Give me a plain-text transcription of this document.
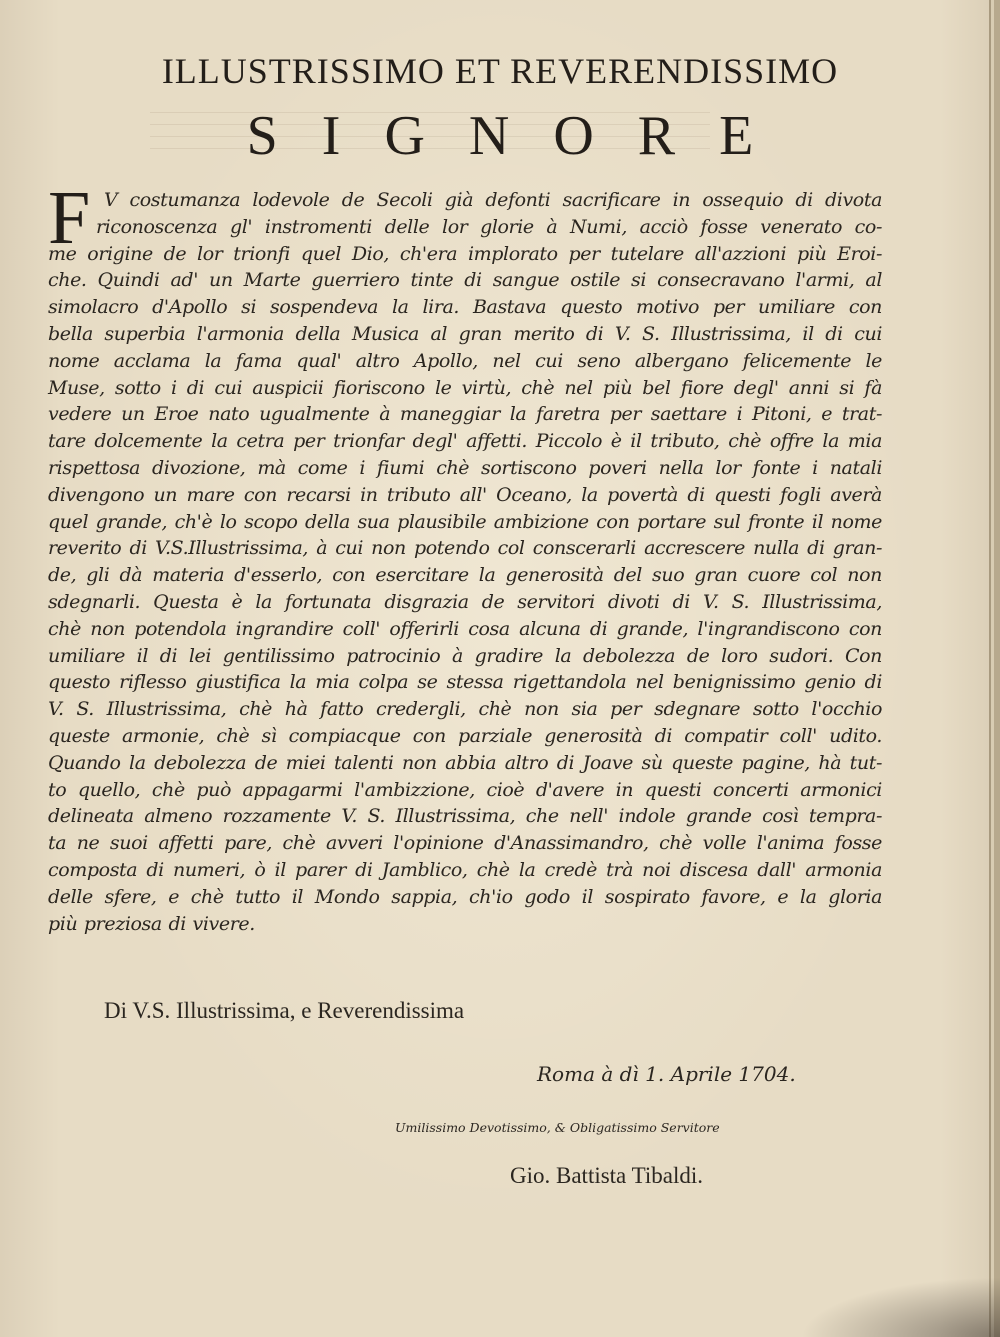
ILLUSTRISSIMO ET REVERENDISSIMO
SIGNORE
F V costumanza lodevole de Secoli già defonti sacrificare in ossequio di divota
riconoscenza gl' instromenti delle lor glorie à Numi, acciò fosse venerato co-
me origine de lor trionfi quel Dio, ch'era implorato per tutelare all'azzioni più Eroi-
che. Quindi ad' un Marte guerriero tinte di sangue ostile si consecravano l'armi, al
simolacro d'Apollo si sospendeva la lira. Bastava questo motivo per umiliare con
bella superbia l'armonia della Musica al gran merito di V. S. Illustrissima, il di cui
nome acclama la fama qual' altro Apollo, nel cui seno albergano felicemente le
Muse, sotto i di cui auspicii fioriscono le virtù, chè nel più bel fiore degl' anni si fà
vedere un Eroe nato ugualmente à maneggiar la faretra per saettare i Pitoni, e trat-
tare dolcemente la cetra per trionfar degl' affetti. Piccolo è il tributo, chè offre la mia
rispettosa divozione, mà come i fiumi chè sortiscono poveri nella lor fonte i natali
divengono un mare con recarsi in tributo all' Oceano, la povertà di questi fogli averà
quel grande, ch'è lo scopo della sua plausibile ambizione con portare sul fronte il nome
reverito di V.S.Illustrissima, à cui non potendo col conscerarli accrescere nulla di gran-
de, gli dà materia d'esserlo, con esercitare la generosità del suo gran cuore col non
sdegnarli. Questa è la fortunata disgrazia de servitori divoti di V. S. Illustrissima,
chè non potendola ingrandire coll' offerirli cosa alcuna di grande, l'ingrandiscono con
umiliare il di lei gentilissimo patrocinio à gradire la debolezza de loro sudori. Con
questo riflesso giustifica la mia colpa se stessa rigettandola nel benignissimo genio di
V. S. Illustrissima, chè hà fatto credergli, chè non sia per sdegnare sotto l'occhio
queste armonie, chè sì compiacque con parziale generosità di compatir coll' udito.
Quando la debolezza de miei talenti non abbia altro di Joave sù queste pagine, hà tut-
to quello, chè può appagarmi l'ambizzione, cioè d'avere in questi concerti armonici
delineata almeno rozzamente V. S. Illustrissima, che nell' indole grande così tempra-
ta ne suoi affetti pare, chè avveri l'opinione d'Anassimandro, chè volle l'anima fosse
composta di numeri, ò il parer di Jamblico, chè la credè trà noi discesa dall' armonia
delle sfere, e chè tutto il Mondo sappia, ch'io godo il sospirato favore, e la gloria
più preziosa di vivere.
Di V.S. Illustrissima, e Reverendissima
Roma à dì 1. Aprile 1704.
Umilissimo Devotissimo, & Obligatissimo Servitore
Gio. Battista Tibaldi.
